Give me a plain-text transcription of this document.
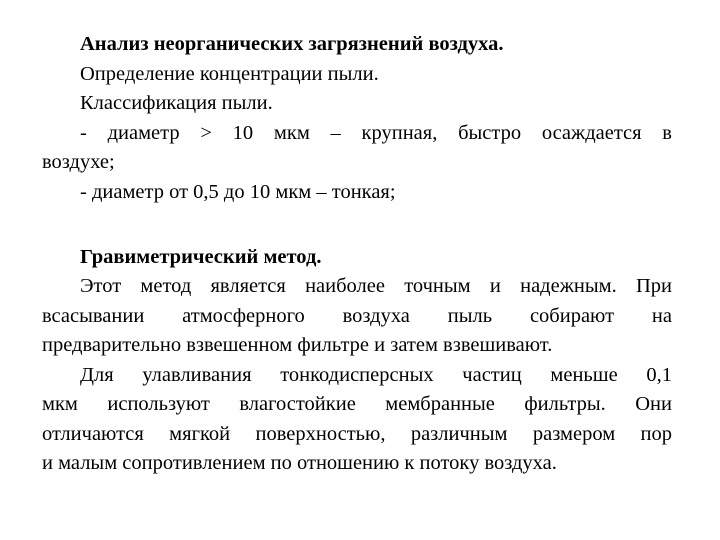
Анализ неорганических загрязнений воздуха.
Определение концентрации пыли.
Классификация пыли.
- диаметр > 10 мкм – крупная, быстро осаждается в
воздухе;
- диаметр от 0,5 до 10 мкм – тонкая;
Гравиметрический метод.
Этот метод является наиболее точным и надежным. При
всасывании атмосферного воздуха пыль собирают на
предварительно взвешенном фильтре и затем взвешивают.
Для улавливания тонкодисперсных частиц меньше 0,1
мкм используют влагостойкие мембранные фильтры. Они
отличаются мягкой поверхностью, различным размером пор
и малым сопротивлением по отношению к потоку воздуха.
